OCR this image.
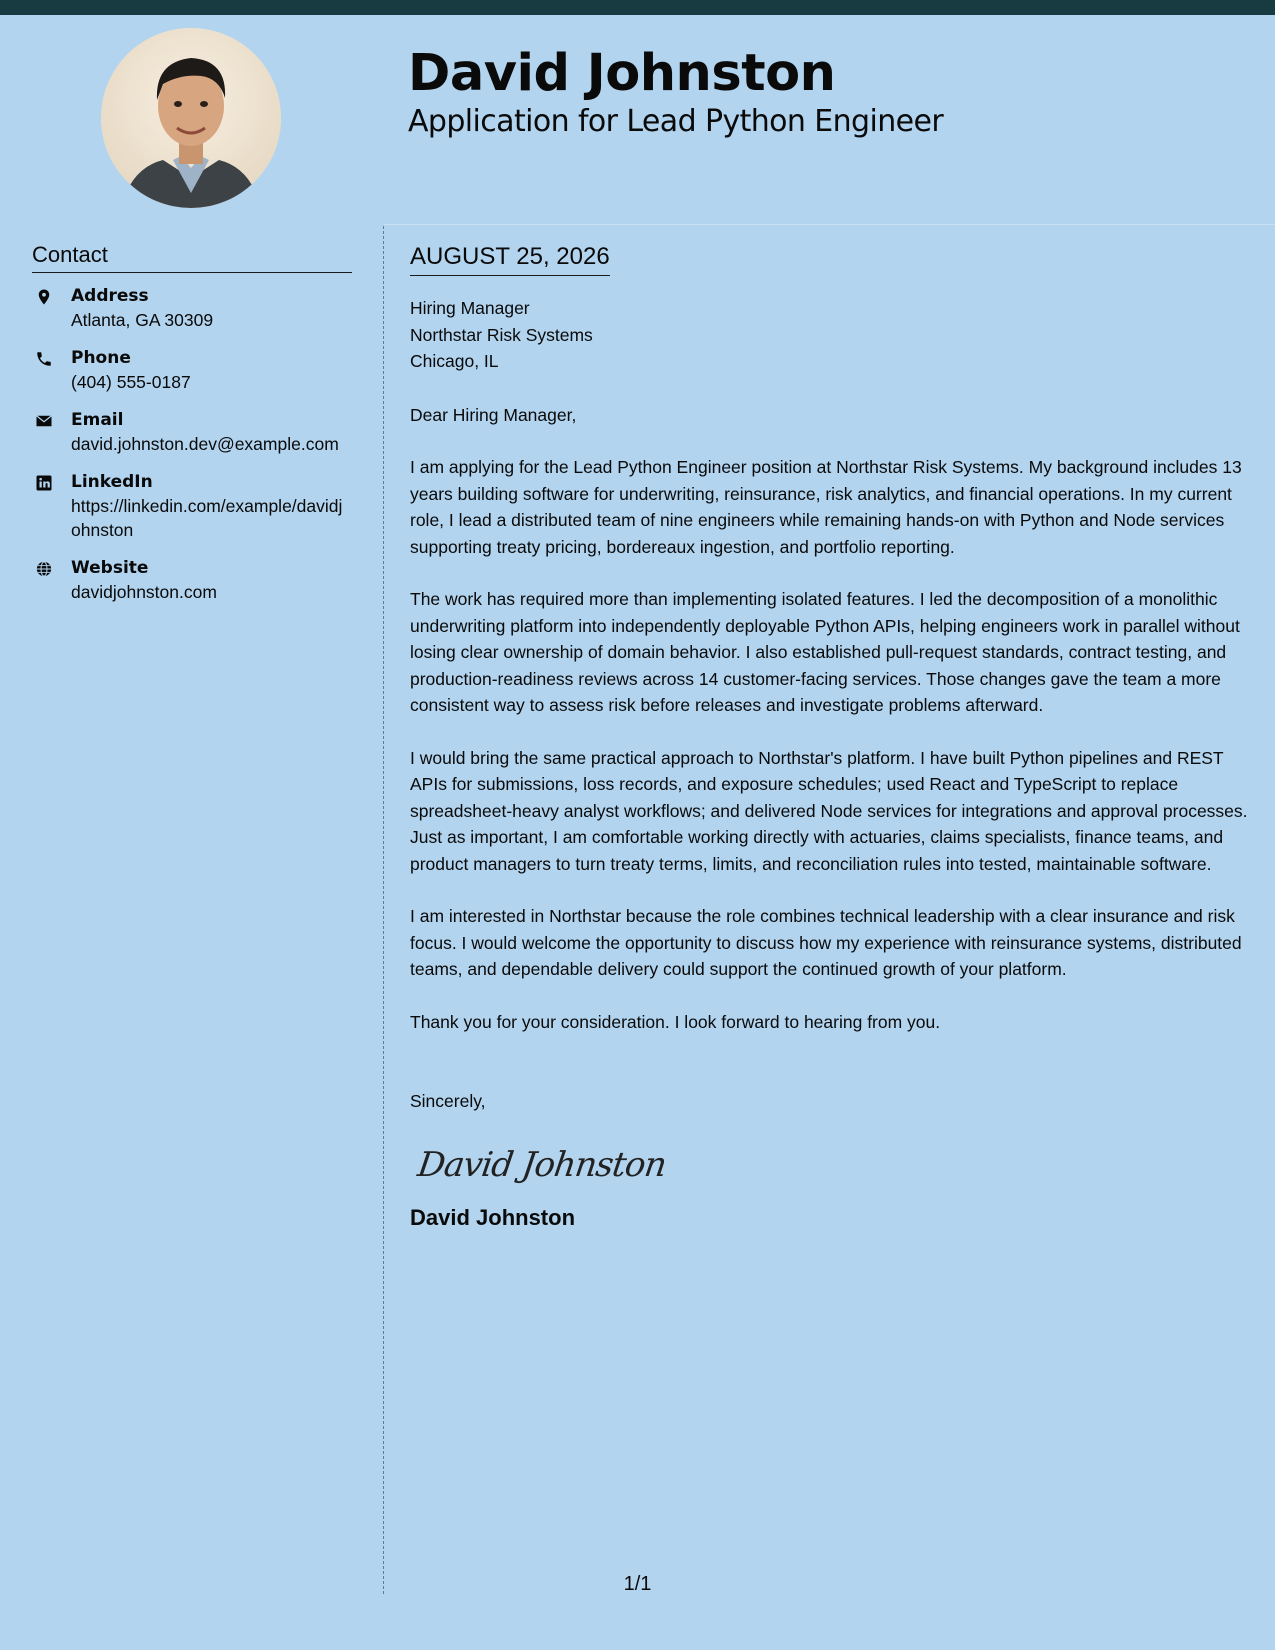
David Johnston
Application for Lead Python Engineer
Contact
Address
Atlanta, GA 30309
Phone
(404) 555-0187
Email
david.johnston.dev@example.com
LinkedIn
https://linkedin.com/example/davidjohnston
Website
davidjohnston.com
AUGUST 25, 2026

Hiring Manager

Northstar Risk Systems

Chicago, IL

Dear Hiring Manager,

I am applying for the Lead Python Engineer position at Northstar Risk Systems. My background includes 13 years building software for underwriting, reinsurance, risk analytics, and financial operations. In my current role, I lead a distributed team of nine engineers while remaining hands-on with Python and Node services supporting treaty pricing, bordereaux ingestion, and portfolio reporting.

The work has required more than implementing isolated features. I led the decomposition of a monolithic underwriting platform into independently deployable Python APIs, helping engineers work in parallel without losing clear ownership of domain behavior. I also established pull-request standards, contract testing, and production-readiness reviews across 14 customer-facing services. Those changes gave the team a more consistent way to assess risk before releases and investigate problems afterward.

I would bring the same practical approach to Northstar's platform. I have built Python pipelines and REST APIs for submissions, loss records, and exposure schedules; used React and TypeScript to replace spreadsheet-heavy analyst workflows; and delivered Node services for integrations and approval processes. Just as important, I am comfortable working directly with actuaries, claims specialists, finance teams, and product managers to turn treaty terms, limits, and reconciliation rules into tested, maintainable software.

I am interested in Northstar because the role combines technical leadership with a clear insurance and risk focus. I would welcome the opportunity to discuss how my experience with reinsurance systems, distributed teams, and dependable delivery could support the continued growth of your platform.

Thank you for your consideration. I look forward to hearing from you.

Sincerely,

David Johnston

David Johnston

1/1
